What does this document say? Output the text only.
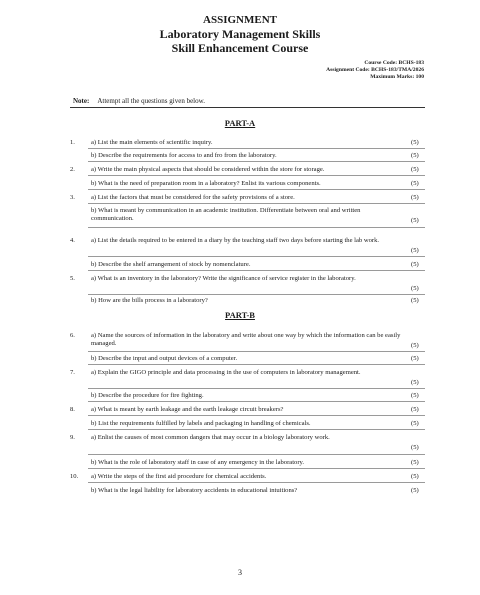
ASSIGNMENT
Laboratory Management Skills
Skill Enhancement Course
Course Code: BCHS-183
Assignment Code: BCHS-183/TMA/2026
Maximum Marks: 100
Note: Attempt all the questions given below.
PART-A
1.	a) List the main elements of scientific inquiry.	(5)
b) Describe the requirements for access to and fro from the laboratory.	(5)
2.	a) Write the main physical aspects that should be considered within the store for storage.	(5)
b) What is the need of preparation room in a laboratory? Enlist its various components.	(5)
3.	a) List the factors that must be considered for the safety provisions of a store.	(5)
b) What is meant by communication in an academic institution. Differentiate between oral and written communication.	(5)
4.	a) List the details required to be entered in a diary by the teaching staff two days before starting the lab work.
(5)
b) Describe the shelf arrangement of stock by nomenclature.	(5)
5.	a) What is an inventory in the laboratory? Write the significance of service register in the laboratory.
(5)
b) How are the bills process in a laboratory?	(5)
PART-B
6.	a) Name the sources of information in the laboratory and write about one way by which the information can be easily managed.	(5)
b) Describe the input and output devices of a computer.	(5)
7.	a) Explain the GIGO principle and data processing in the use of computers in laboratory management.
(5)
b) Describe the procedure for fire fighting.	(5)
8.	a) What is meant by earth leakage and the earth leakage circuit breakers?	(5)
b) List the requirements fulfilled by labels and packaging in handling of chemicals.	(5)
9.	a) Enlist the causes of most common dangers that may occur in a biology laboratory work.
(5)
b) What is the role of laboratory staff in case of any emergency in the laboratory.	(5)
10.	a) Write the steps of the first aid procedure for chemical accidents.	(5)
b) What is the legal liability for laboratory accidents in educational intuitions?	(5)
3
